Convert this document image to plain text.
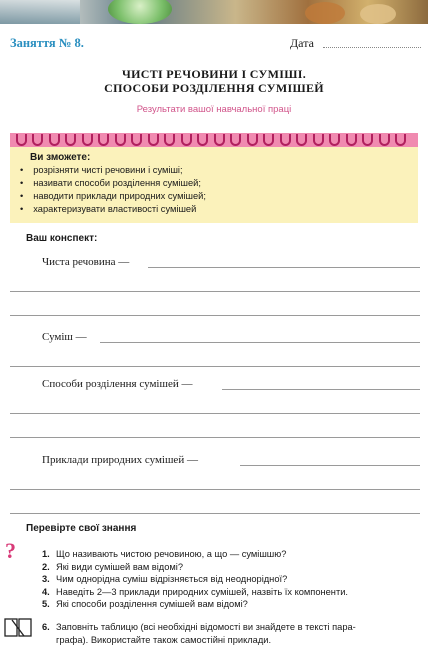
Заняття № 8.	Дата
ЧИСТІ РЕЧОВИНИ І СУМІШІ.
СПОСОБИ РОЗДІЛЕННЯ СУМІШЕЙ
Результати вашої навчальної праці
Ви зможете:
• розрізняти чисті речовини і суміші;
• називати способи розділення сумішей;
• наводити приклади природних сумішей;
• характеризувати властивості сумішей
Ваш конспект:
Чиста речовина —
Суміш —
Способи розділення сумішей —
Приклади природних сумішей —
Перевірте свої знання
?	1. Що називають чистою речовиною, а що — сумішшю?
2. Які види сумішей вам відомі?
3. Чим однорідна суміш відрізняється від неоднорідної?
4. Наведіть 2—3 приклади природних сумішей, назвіть їх компоненти.
5. Які способи розділення сумішей вам відомі?
6. Заповніть таблицю (всі необхідні відомості ви знайдете в тексті пара-
графа). Використайте також самостійні приклади.
